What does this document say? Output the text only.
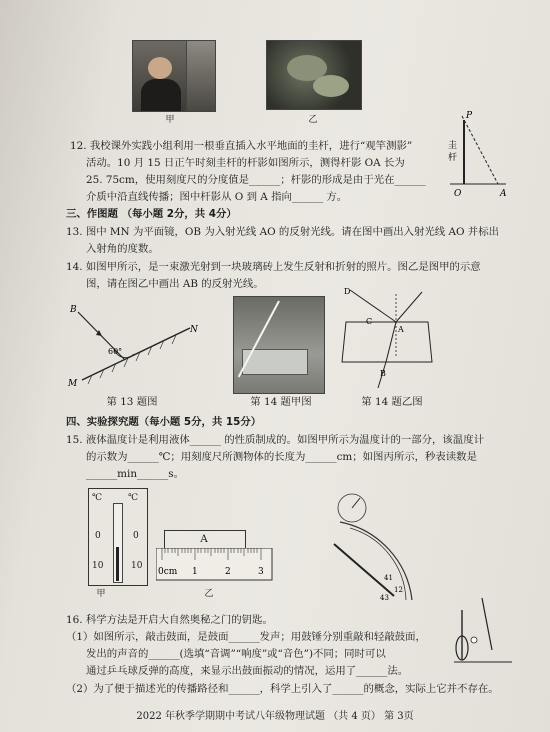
甲	乙
12. 我校课外实践小组利用一根垂直插入水平地面的圭杆，进行“观竿测影”
活动。10 月 15 日正午时刻圭杆的杆影如图所示，测得杆影 OA 长为
25. 75cm，使用刻度尺的分度值是______；杆影的形成是由于光在______
介质中沿直线传播；图中杆影从 O 到 A 指向______ 方。
P
圭
杆
O	A
三、作图题 （每小题 2分，共 4分）
13. 图中 MN 为平面镜，OB 为入射光线 AO 的反射光线。请在图中画出入射光线 AO 并标出
入射角的度数。
14. 如图甲所示，是一束激光射到一块玻璃砖上发生反射和折射的照片。图乙是图甲的示意
图，请在图乙中画出 AB 的反射光线。
B
N
M
60°
第 13 题图	第 14 题甲图
D
C
A
B
第 14 题乙图
四、实验探究题（每小题 5分，共 15分）
15. 液体温度计是利用液体______ 的性质制成的。如图甲所示为温度计的一部分，该温度计
的示数为______℃；用刻度尺所测物体的长度为______cm；如图丙所示，秒表读数是
______min______s。
℃	℃
0	0
10	10
甲
A
0cm 1	2	3
乙
41
12
43
16. 科学方法是开启大自然奥秘之门的钥匙。
（1）如图所示，敲击鼓面，是鼓面______发声；用鼓锤分别重敲和轻敲鼓面，
发出的声音的______(选填“音调”“响度”或“音色”)不同；同时可以
通过乒乓球反弹的高度，来显示出鼓面振动的情况，运用了______法。
（2）为了便于描述光的传播路径和______，科学上引入了______的概念，实际上它并不存在。
2022 年秋季学期期中考试八年级物理试题 （共 4 页） 第 3页
